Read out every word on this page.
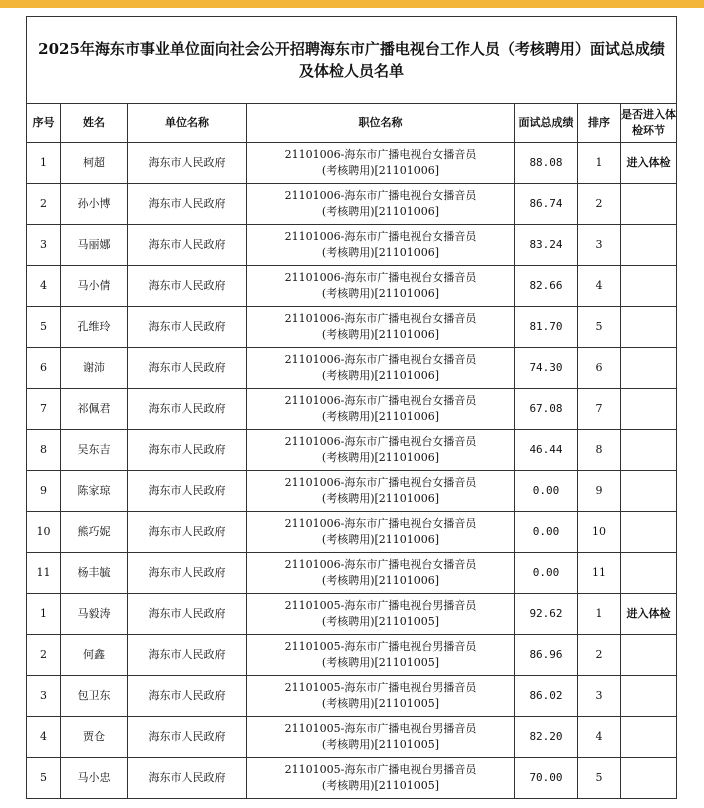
2025年海东市事业单位面向社会公开招聘海东市广播电视台工作人员（考核聘用）面试总成绩及体检人员名单						
序号	姓名	单位名称	职位名称	面试总成绩	排序	是否进入体检环节
1	柯超	海东市人民政府	21101006-海东市广播电视台女播音员
(考核聘用)[21101006]	88.08	1	进入体检
2	孙小博	海东市人民政府	21101006-海东市广播电视台女播音员
(考核聘用)[21101006]	86.74	2	
3	马丽娜	海东市人民政府	21101006-海东市广播电视台女播音员
(考核聘用)[21101006]	83.24	3	
4	马小倩	海东市人民政府	21101006-海东市广播电视台女播音员
(考核聘用)[21101006]	82.66	4	
5	孔维玲	海东市人民政府	21101006-海东市广播电视台女播音员
(考核聘用)[21101006]	81.70	5	
6	谢沛	海东市人民政府	21101006-海东市广播电视台女播音员
(考核聘用)[21101006]	74.30	6	
7	祁佩君	海东市人民政府	21101006-海东市广播电视台女播音员
(考核聘用)[21101006]	67.08	7	
8	吴东吉	海东市人民政府	21101006-海东市广播电视台女播音员
(考核聘用)[21101006]	46.44	8	
9	陈家琼	海东市人民政府	21101006-海东市广播电视台女播音员
(考核聘用)[21101006]	0.00	9	
10	熊巧妮	海东市人民政府	21101006-海东市广播电视台女播音员
(考核聘用)[21101006]	0.00	10	
11	杨丰毓	海东市人民政府	21101006-海东市广播电视台女播音员
(考核聘用)[21101006]	0.00	11	
1	马毅涛	海东市人民政府	21101005-海东市广播电视台男播音员
(考核聘用)[21101005]	92.62	1	进入体检
2	何鑫	海东市人民政府	21101005-海东市广播电视台男播音员
(考核聘用)[21101005]	86.96	2	
3	包卫东	海东市人民政府	21101005-海东市广播电视台男播音员
(考核聘用)[21101005]	86.02	3	
4	贾仓	海东市人民政府	21101005-海东市广播电视台男播音员
(考核聘用)[21101005]	82.20	4	
5	马小忠	海东市人民政府	21101005-海东市广播电视台男播音员
(考核聘用)[21101005]	70.00	5	
